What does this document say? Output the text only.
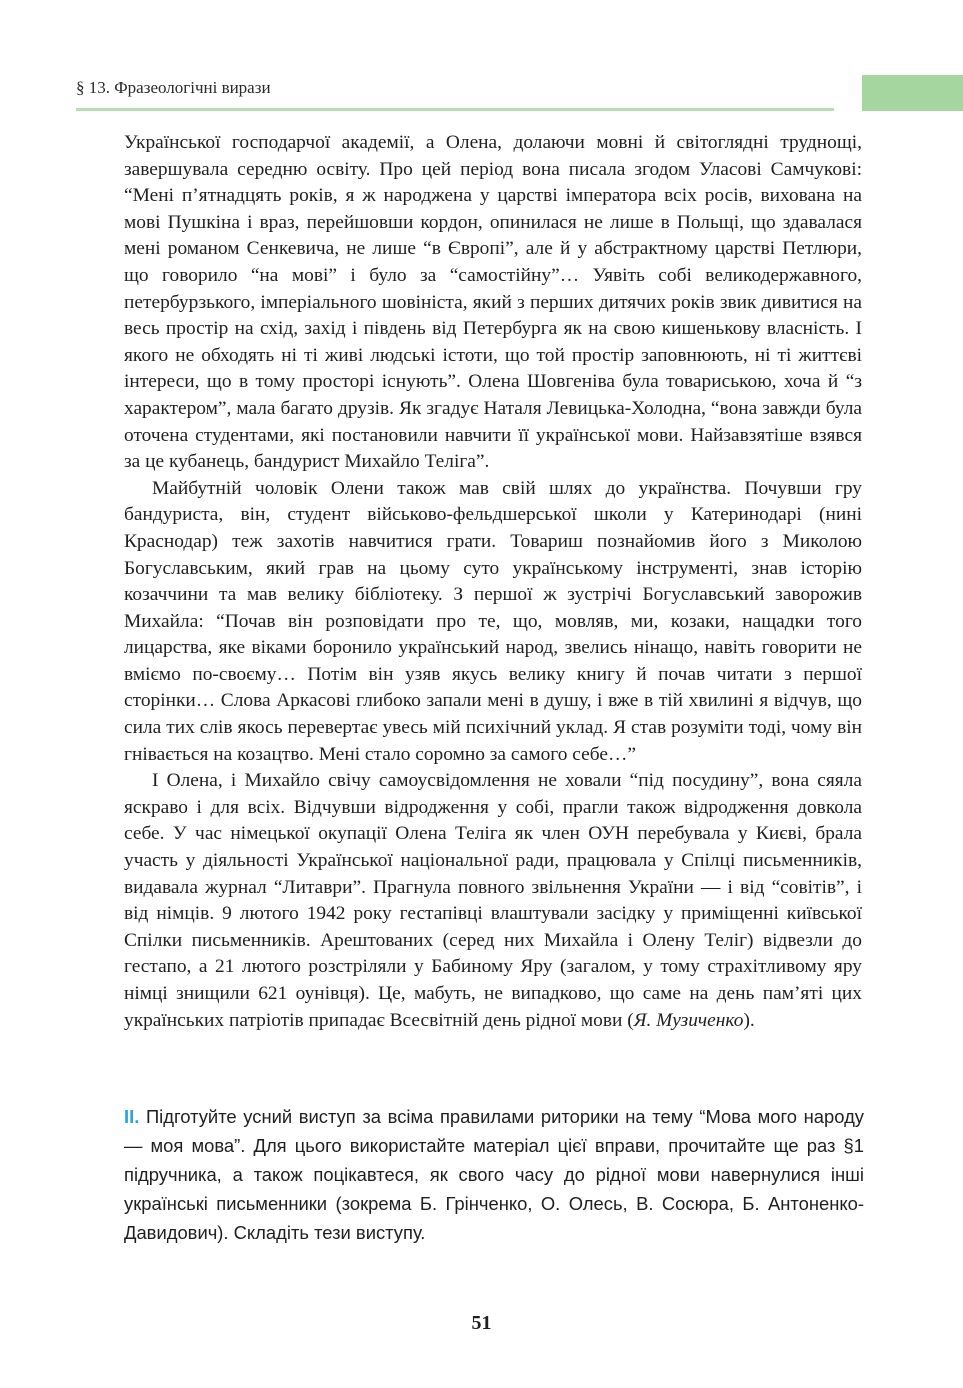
§ 13. Фразеологічні вирази

Української господарчої академії, а Олена, долаючи мовні й світоглядні труднощі, завершувала середню освіту. Про цей період вона писала згодом Уласові Самчукові: “Мені п’ятнадцять років, я ж народжена у царстві імператора всіх росів, вихована на мові Пушкіна і враз, перейшовши кордон, опинилася не лише в Польщі, що здавалася мені романом Сенкевича, не лише “в Європі”, але й у абстрактному царстві Петлюри, що говорило “на мові” і було за “самостійну”… Уявіть собі великодержавного, петербурзького, імперіального шовініста, який з перших дитячих років звик дивитися на весь простір на схід, захід і південь від Петербурга як на свою кишенькову власність. І якого не обходять ні ті живі людські істоти, що той простір заповнюють, ні ті життєві інтереси, що в тому просторі існують”. Олена Шовгенiва була товариською, хоча й “з характером”, мала багато друзів. Як згадує Наталя Левицька-Холодна, “вона завжди була оточена студентами, які постановили навчити її української мови. Найзавзятіше взявся за це кубанець, бандурист Михайло Теліга”.

Майбутній чоловік Олени також мав свій шлях до українства. Почувши гру бандуриста, він, студент військово-фельдшерської школи у Катеринодарі (нині Краснодар) теж захотів навчитися грати. Товариш познайомив його з Миколою Богуславським, який грав на цьому суто українському інструменті, знав історію козаччини та мав велику бібліотеку. З першої ж зустрічі Богуславський заворожив Михайла: “Почав він розповідати про те, що, мовляв, ми, козаки, нащадки того лицарства, яке віками боронило український народ, звелись нінащо, навіть говорити не вміємо по-своєму… Потім він узяв якусь велику книгу й почав читати з першої сторінки… Слова Аркасові глибоко запали мені в душу, і вже в тій хвилині я відчув, що сила тих слів якось перевертає увесь мій психічний уклад. Я став розуміти тоді, чому він гнівається на козацтво. Мені стало соромно за самого себе…”

І Олена, і Михайло свічу самоусвідомлення не ховали “під посудину”, вона сяяла яскраво і для всіх. Відчувши відродження у собі, прагли також відродження довкола себе. У час німецької окупації Олена Теліга як член ОУН перебувала у Києві, брала участь у діяльності Української національної ради, працювала у Спілці письменників, видавала журнал “Литаври”. Прагнула повного звільнення України — і від “совітів”, і від німців. 9 лютого 1942 року гестапівці влаштували засідку у приміщенні київської Спілки письменників. Арештованих (серед них Михайла і Олену Теліг) відвезли до гестапо, а 21 лютого розстріляли у Бабиному Яру (загалом, у тому страхітливому яру німці знищили 621 оунівця). Це, мабуть, не випадково, що саме на день пам’яті цих українських патріотів припадає Всесвітній день рідної мови (Я. Музиченко).

ІІ. Підготуйте усний виступ за всіма правилами риторики на тему “Мова мого народу — моя мова”. Для цього використайте матеріал цієї вправи, прочитайте ще раз §1 підручника, а також поцікавтеся, як свого часу до рідної мови навернулися інші українські письменники (зокрема Б. Грінченко, О. Олесь, В. Сосюра, Б. Антоненко-Давидович). Складіть тези виступу.
51
